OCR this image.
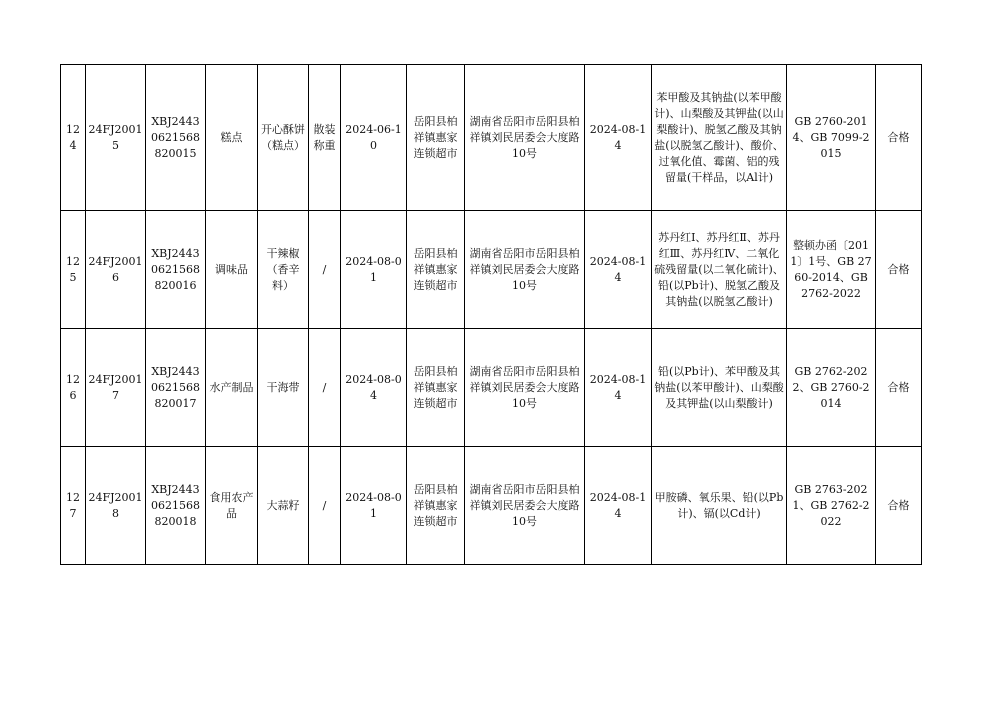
124	24FJ20015	XBJ24430621568820015	糕点	开心酥饼（糕点）	散装称重	2024-06-10	岳阳县柏祥镇惠家连锁超市	湖南省岳阳市岳阳县柏祥镇刘民居委会大度路10号	2024-08-14	苯甲酸及其钠盐(以苯甲酸计)、山梨酸及其钾盐(以山梨酸计)、脱氢乙酸及其钠盐(以脱氢乙酸计)、酸价、过氧化值、霉菌、铝的残留量(干样品，以Al计)	GB 2760-2014、GB 7099-2015	合格
125	24FJ20016	XBJ24430621568820016	调味品	干辣椒（香辛料）	/	2024-08-01	岳阳县柏祥镇惠家连锁超市	湖南省岳阳市岳阳县柏祥镇刘民居委会大度路10号	2024-08-14	苏丹红Ⅰ、苏丹红Ⅱ、苏丹红Ⅲ、苏丹红Ⅳ、二氧化硫残留量(以二氧化硫计)、铅(以Pb计)、脱氢乙酸及其钠盐(以脱氢乙酸计)	整顿办函〔2011〕1号、GB 2760-2014、GB 2762-2022	合格
126	24FJ20017	XBJ24430621568820017	水产制品	干海带	/	2024-08-04	岳阳县柏祥镇惠家连锁超市	湖南省岳阳市岳阳县柏祥镇刘民居委会大度路10号	2024-08-14	铅(以Pb计)、苯甲酸及其钠盐(以苯甲酸计)、山梨酸及其钾盐(以山梨酸计)	GB 2762-2022、GB 2760-2014	合格
127	24FJ20018	XBJ24430621568820018	食用农产品	大蒜籽	/	2024-08-01	岳阳县柏祥镇惠家连锁超市	湖南省岳阳市岳阳县柏祥镇刘民居委会大度路10号	2024-08-14	甲胺磷、氧乐果、铅(以Pb计)、镉(以Cd计)	GB 2763-2021、GB 2762-2022	合格
